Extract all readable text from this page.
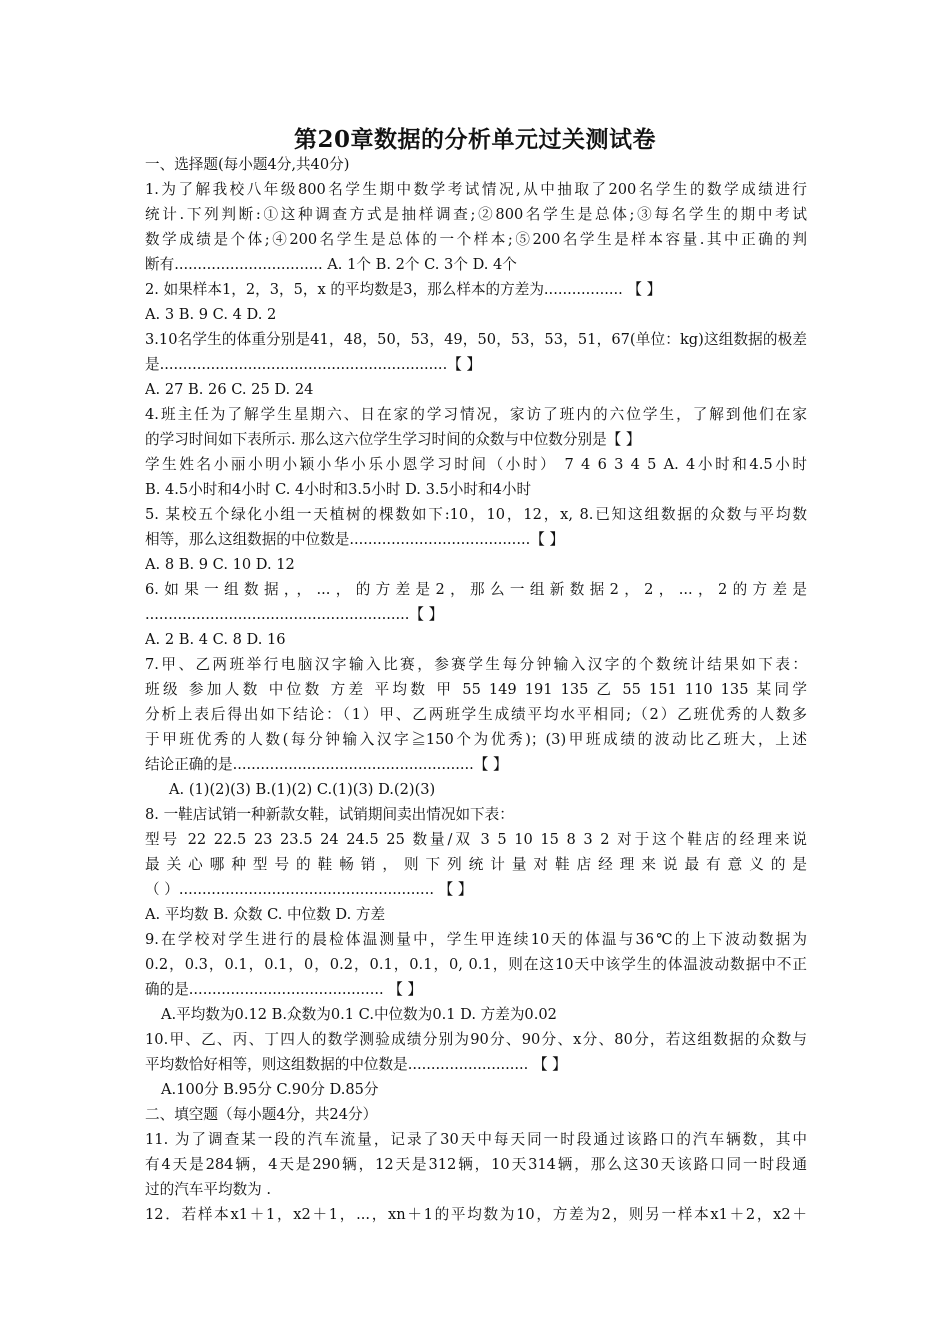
第20章数据的分析单元过关测试卷
一、选择题(每小题4分,共40分)
1.为了解我校八年级800名学生期中数学考试情况,从中抽取了200名学生的数学成绩进行
统计.下列判断:①这种调查方式是抽样调查;②800名学生是总体;③每名学生的期中考试
数学成绩是个体;④200名学生是总体的一个样本;⑤200名学生是样本容量.其中正确的判
断有................................ A. 1个 B. 2个 C. 3个 D. 4个
2. 如果样本1，2，3，5，x 的平均数是3，那么样本的方差为................. 【 】
A. 3 B. 9 C. 4 D. 2
3.10名学生的体重分别是41，48，50，53，49，50，53，53，51，67(单位：kg)这组数据的极差
是..............................................................【 】
A. 27 B. 26 C. 25 D. 24
4.班主任为了解学生星期六、日在家的学习情况，家访了班内的六位学生，了解到他们在家
的学习时间如下表所示. 那么这六位学生学习时间的众数与中位数分别是【 】
学生姓名小丽小明小颖小华小乐小恩学习时间（小时） 7 4 6 3 4 5 A. 4小时和4.5小时
B. 4.5小时和4小时 C. 4小时和3.5小时 D. 3.5小时和4小时
5. 某校五个绿化小组一天植树的棵数如下:10，10，12，x, 8.已知这组数据的众数与平均数
相等，那么这组数据的中位数是.......................................【 】
A. 8 B. 9 C. 10 D. 12
6.如果一组数据，，...，的方差是2，那么一组新数据2，2，...，2的方差是
.........................................................【 】
A. 2 B. 4 C. 8 D. 16
7.甲、乙两班举行电脑汉字输入比赛，参赛学生每分钟输入汉字的个数统计结果如下表：
班级 参加人数 中位数 方差 平均数 甲 55 149 191 135 乙 55 151 110 135 某同学
分析上表后得出如下结论：（1）甲、乙两班学生成绩平均水平相同;（2）乙班优秀的人数多
于甲班优秀的人数(每分钟输入汉字≧150个为优秀)；(3)甲班成绩的波动比乙班大，上述
结论正确的是....................................................【 】
A. (1)(2)(3) B.(1)(2) C.(1)(3) D.(2)(3)
8. 一鞋店试销一种新款女鞋，试销期间卖出情况如下表：
型号 22 22.5 23 23.5 24 24.5 25 数量/双 3 5 10 15 8 3 2 对于这个鞋店的经理来说
最关心哪种型号的鞋畅销，则下列统计量对鞋店经理来说最有意义的是
（ ）....................................................... 【 】
A. 平均数 B. 众数 C. 中位数 D. 方差
9.在学校对学生进行的晨检体温测量中，学生甲连续10天的体温与36℃的上下波动数据为
0.2，0.3，0.1，0.1，0，0.2，0.1，0.1，0, 0.1，则在这10天中该学生的体温波动数据中不正
确的是.......................................... 【 】
A.平均数为0.12 B.众数为0.1 C.中位数为0.1 D. 方差为0.02
10.甲、乙、丙、丁四人的数学测验成绩分别为90分、90分、x分、80分，若这组数据的众数与
平均数恰好相等，则这组数据的中位数是.......................... 【 】
A.100分 B.95分 C.90分 D.85分
二、填空题（每小题4分，共24分）
11. 为了调查某一段的汽车流量，记录了30天中每天同一时段通过该路口的汽车辆数，其中
有4天是284辆，4天是290辆，12天是312辆，10天314辆，那么这30天该路口同一时段通
过的汽车平均数为 .
12．若样本x1＋1，x2＋1，...，xn＋1的平均数为10，方差为2，则另一样本x1＋2，x2＋
